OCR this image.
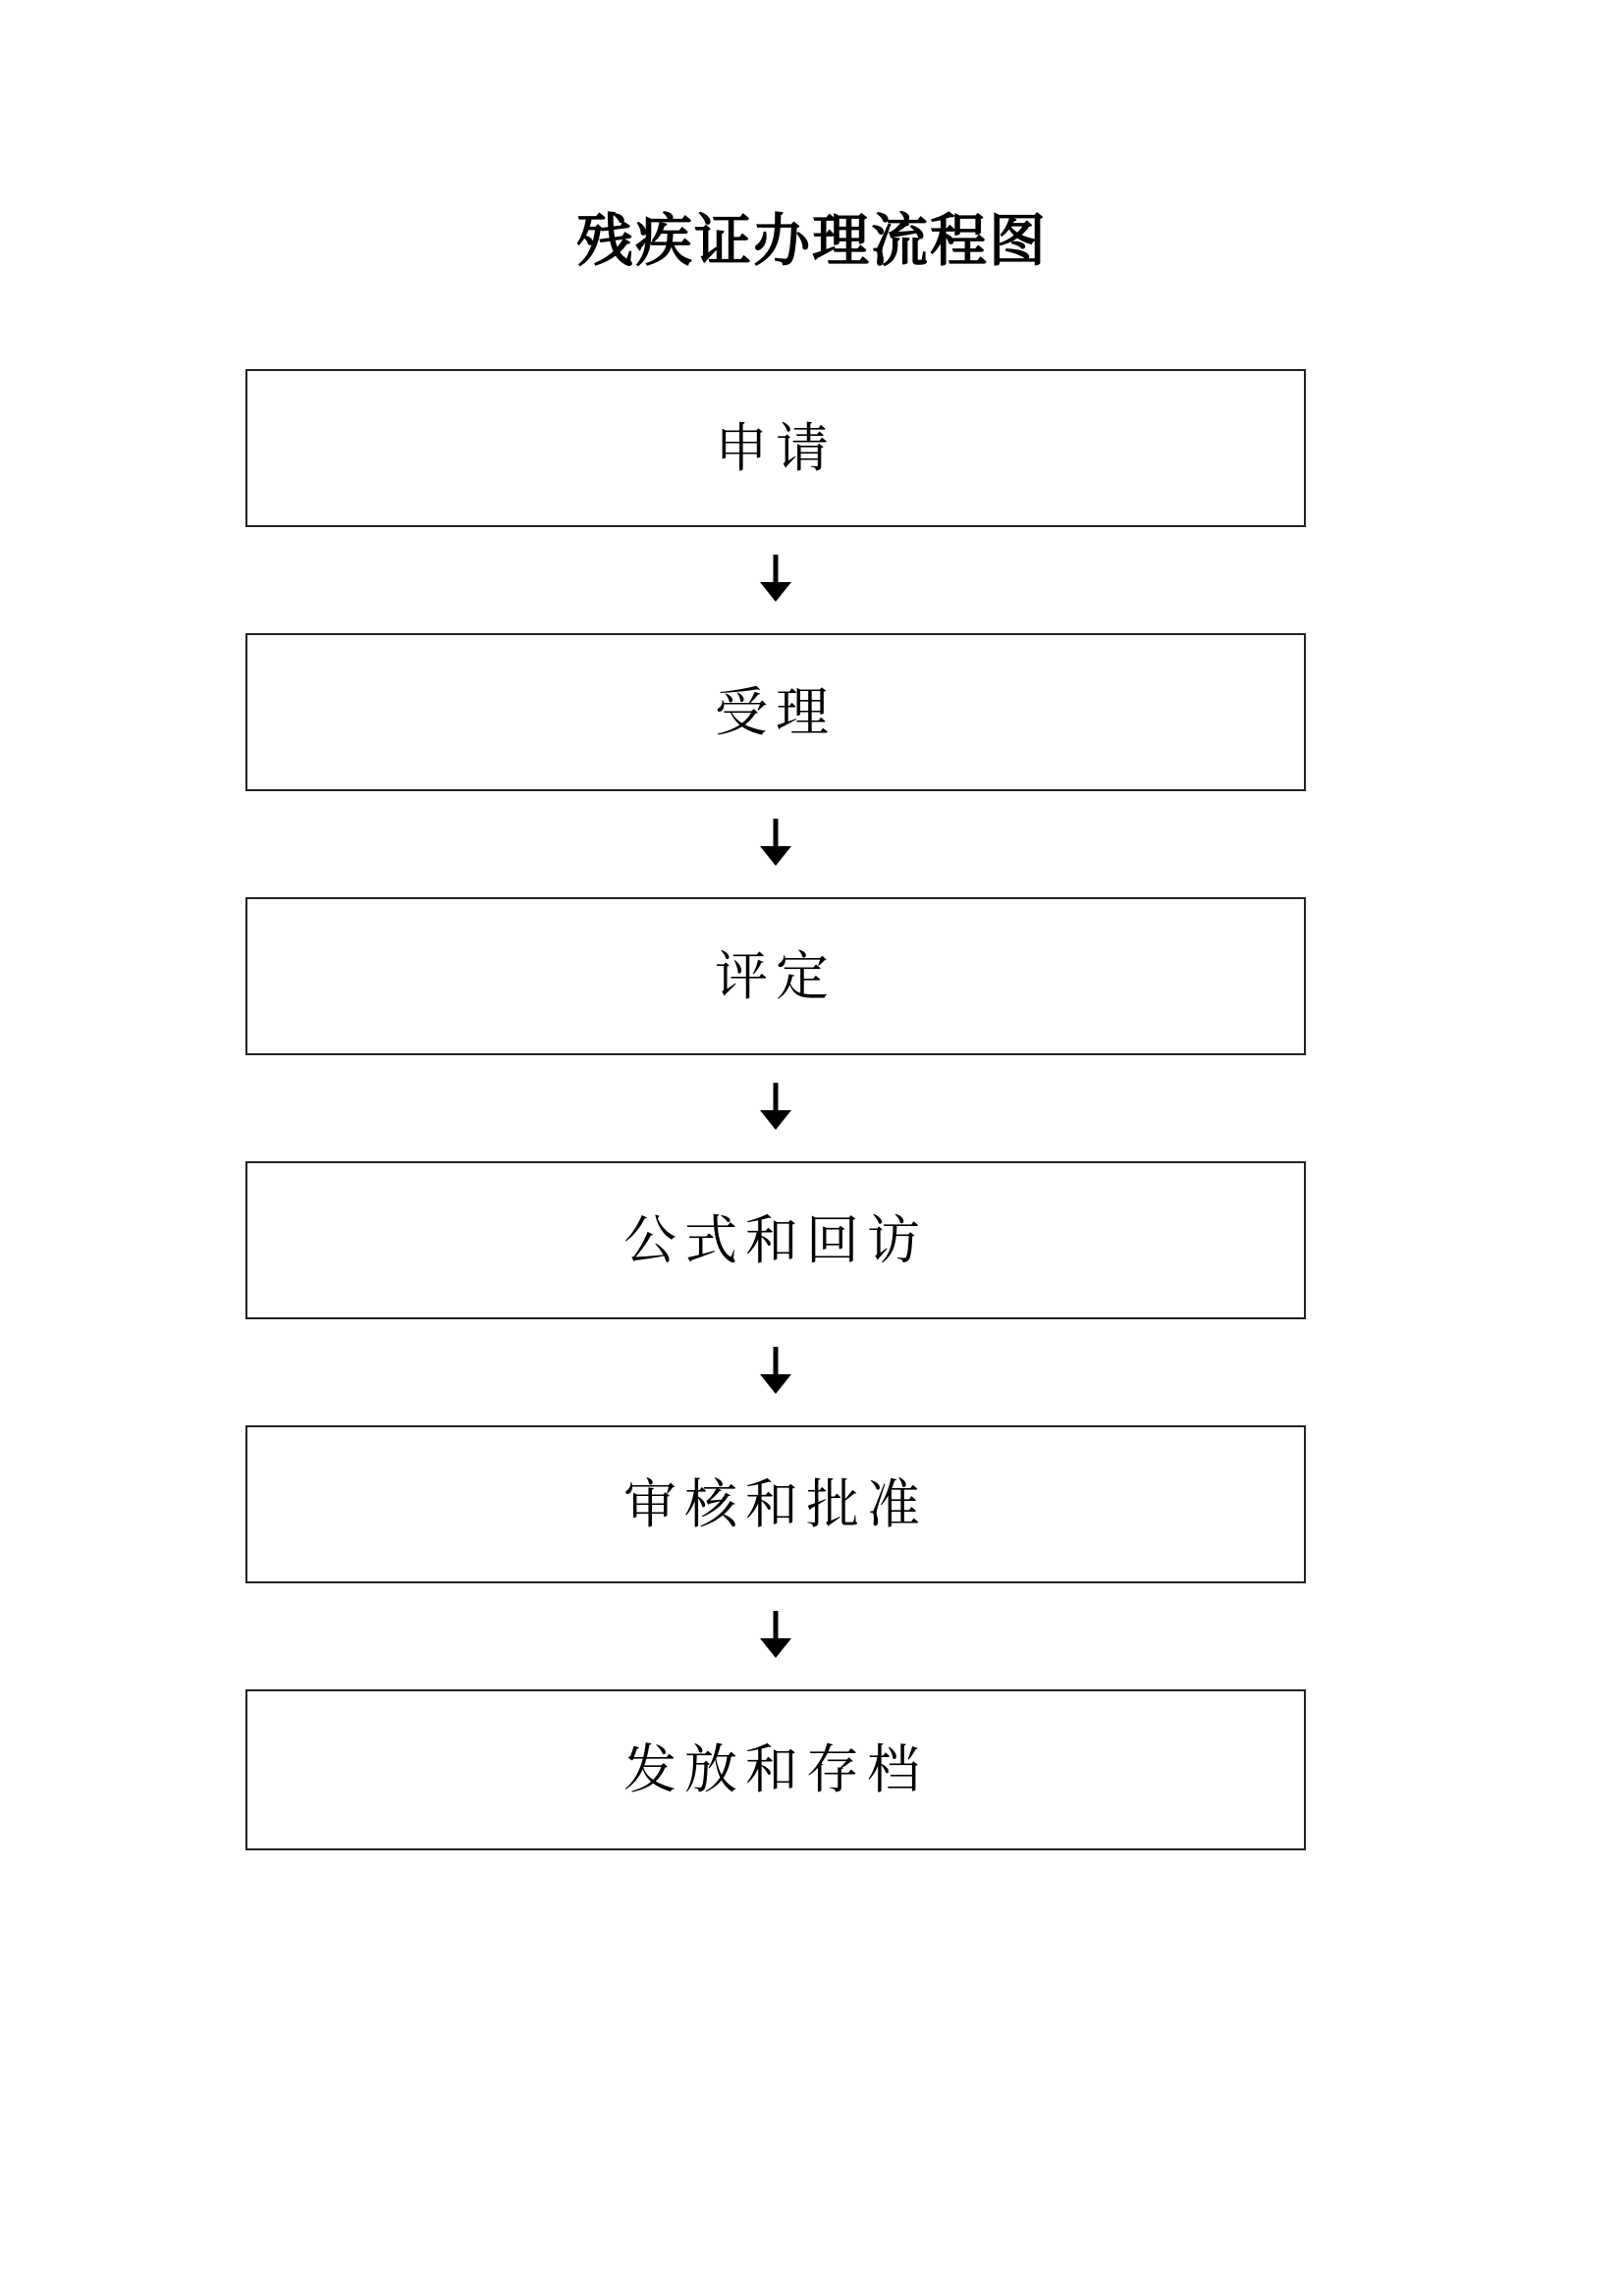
残疾证办理流程图
申请
受理
评定
公式和回访
审核和批准
发放和存档
